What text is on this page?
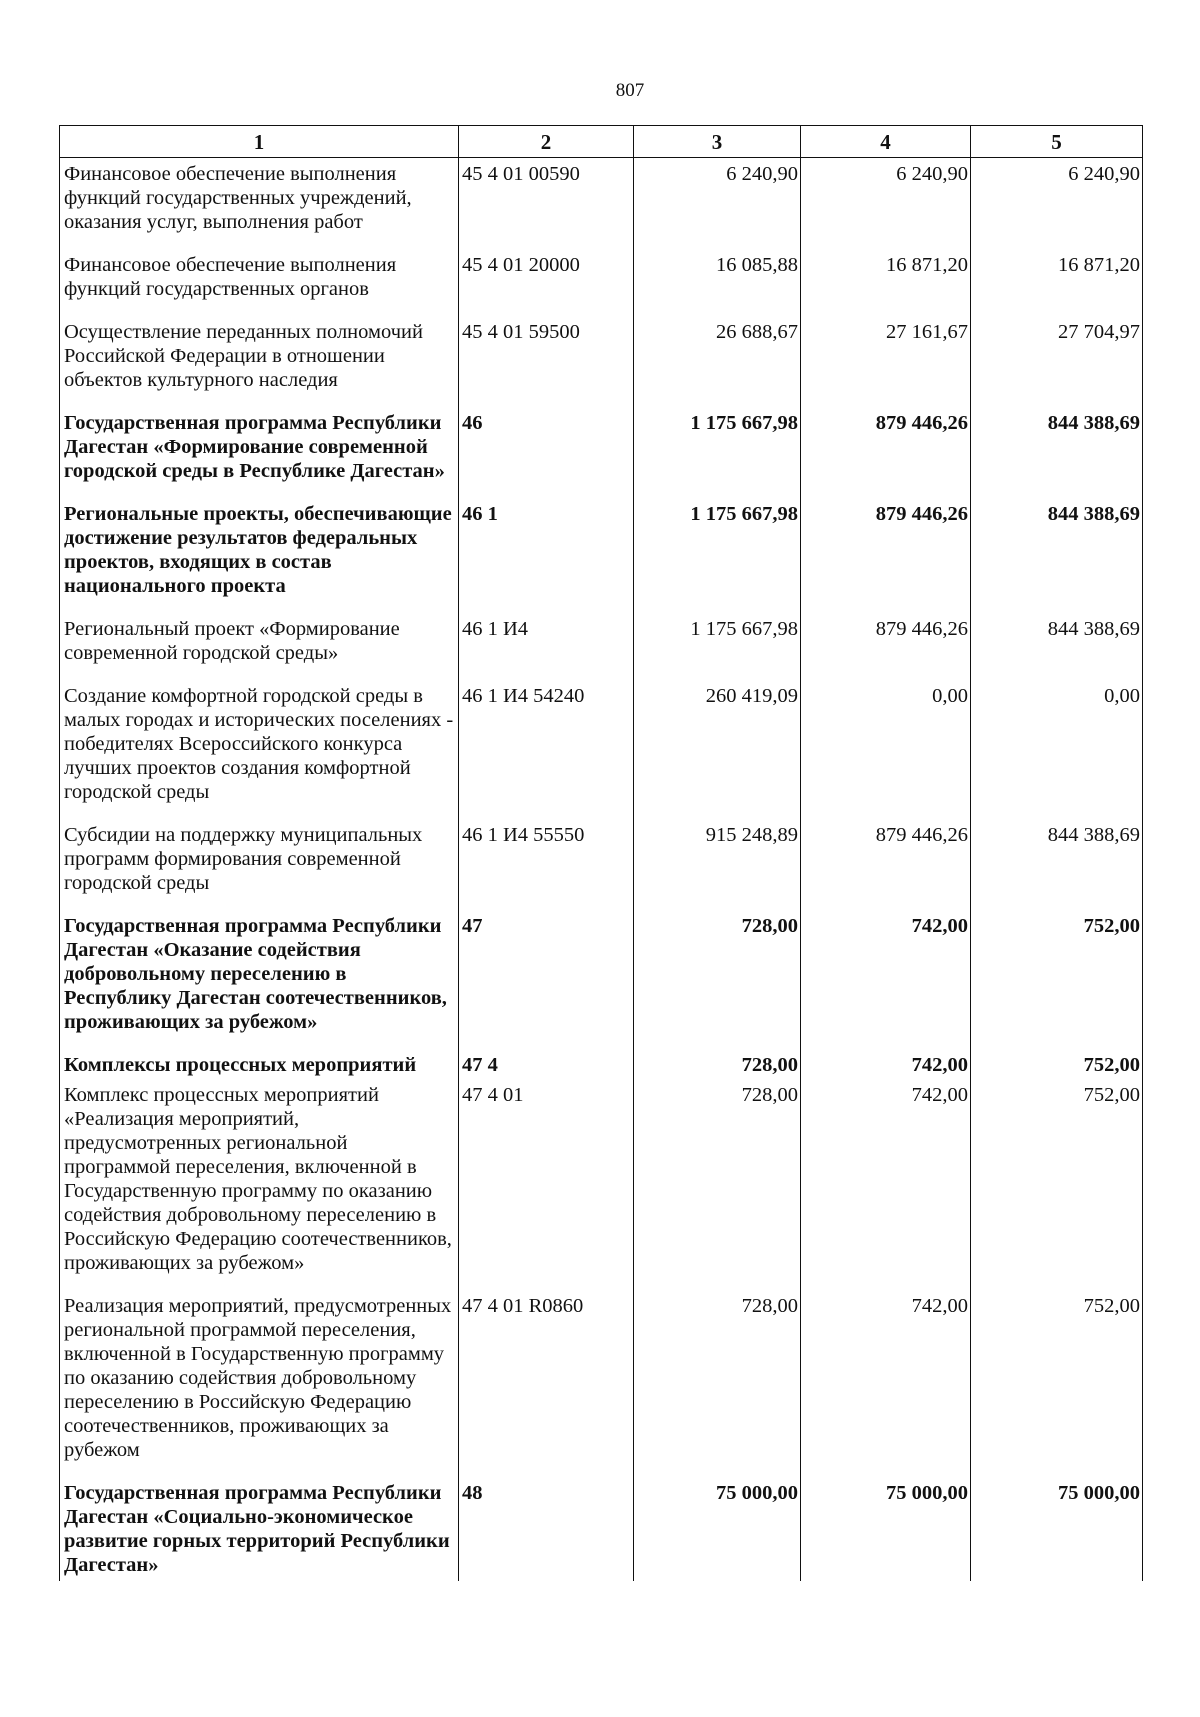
807
1	2	3	4	5
Финансовое обеспечение выполнения функций государственных учреждений, оказания услуг, выполнения работ	45 4 01 00590	6 240,90	6 240,90	6 240,90
Финансовое обеспечение выполнения функций государственных органов	45 4 01 20000	16 085,88	16 871,20	16 871,20
Осуществление переданных полномочий Российской Федерации в отношении объектов культурного наследия	45 4 01 59500	26 688,67	27 161,67	27 704,97
Государственная программа Республики Дагестан «Формирование современной городской среды в Республике Дагестан»	46	1 175 667,98	879 446,26	844 388,69
Региональные проекты, обеспечивающие достижение результатов федеральных проектов, входящих в состав национального проекта	46 1	1 175 667,98	879 446,26	844 388,69
Региональный проект «Формирование современной городской среды»	46 1 И4	1 175 667,98	879 446,26	844 388,69
Создание комфортной городской среды в малых городах и исторических поселениях - победителях Всероссийского конкурса лучших проектов создания комфортной городской среды	46 1 И4 54240	260 419,09	0,00	0,00
Субсидии на поддержку муниципальных программ формирования современной городской среды	46 1 И4 55550	915 248,89	879 446,26	844 388,69
Государственная программа Республики Дагестан «Оказание содействия добровольному переселению в Республику Дагестан соотечественников, проживающих за рубежом»	47	728,00	742,00	752,00
Комплексы процессных мероприятий	47 4	728,00	742,00	752,00
Комплекс процессных мероприятий «Реализация мероприятий, предусмотренных региональной программой переселения, включенной в Государственную программу по оказанию содействия добровольному переселению в Российскую Федерацию соотечественников, проживающих за рубежом»	47 4 01	728,00	742,00	752,00
Реализация мероприятий, предусмотренных региональной программой переселения, включенной в Государственную программу по оказанию содействия добровольному переселению в Российскую Федерацию соотечественников, проживающих за рубежом	47 4 01 R0860	728,00	742,00	752,00
Государственная программа Республики Дагестан «Социально-экономическое развитие горных территорий Республики Дагестан»	48	75 000,00	75 000,00	75 000,00
